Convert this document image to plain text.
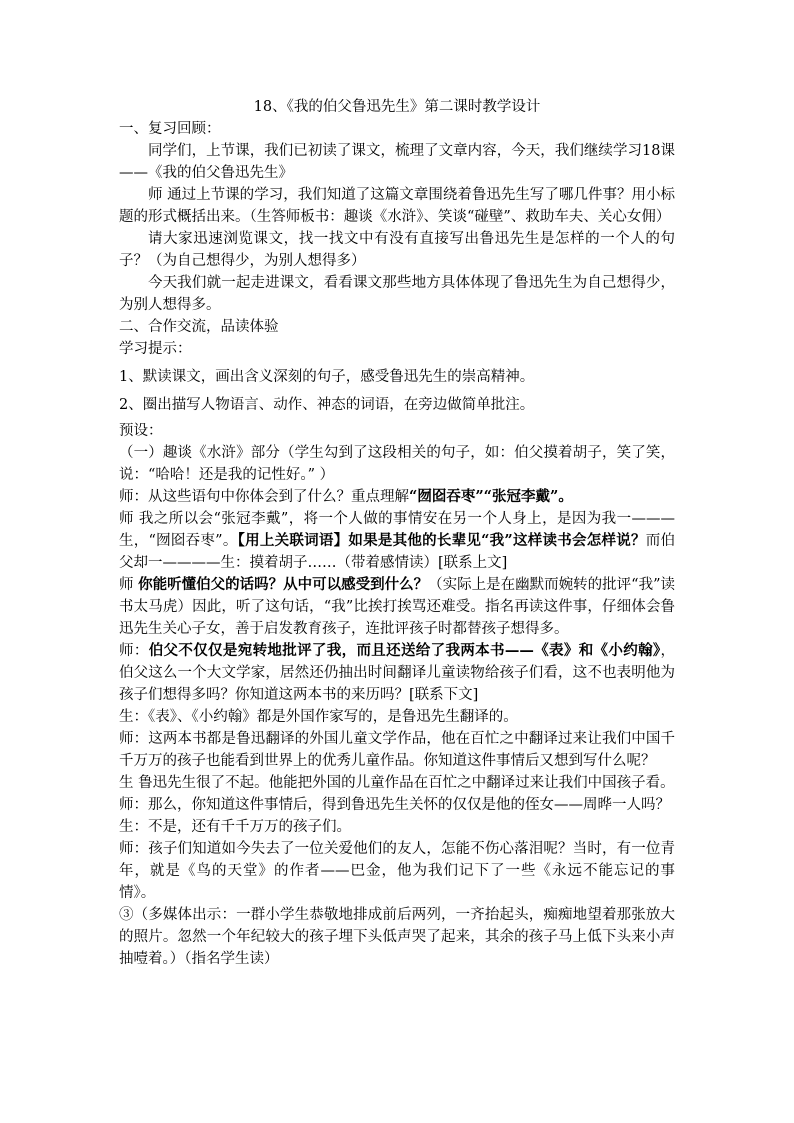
18、《我的伯父鲁迅先生》第二课时教学设计

一、复习回顾：

同学们，上节课，我们已初读了课文，梳理了文章内容，今天，我们继续学习18课——《我的伯父鲁迅先生》

师 通过上节课的学习，我们知道了这篇文章围绕着鲁迅先生写了哪几件事？用小标题的形式概括出来。（生答师板书：趣谈《水浒》、笑谈“碰壁”、救助车夫、关心女佣）

请大家迅速浏览课文，找一找文中有没有直接写出鲁迅先生是怎样的一个人的句子？（为自己想得少，为别人想得多）

今天我们就一起走进课文，看看课文那些地方具体体现了鲁迅先生为自己想得少，为别人想得多。

二、合作交流，品读体验

学习提示：

1、默读课文，画出含义深刻的句子，感受鲁迅先生的崇高精神。

2、圈出描写人物语言、动作、神态的词语，在旁边做简单批注。

预设：

（一）趣谈《水浒》部分（学生勾到了这段相关的句子，如：伯父摸着胡子，笑了笑，说：“哈哈！还是我的记性好。” ）

师：从这些语句中你体会到了什么？重点理解“囫囵吞枣”“张冠李戴”。

师 我之所以会“张冠李戴”，将一个人做的事情安在另一个人身上，是因为我一———生，“囫囵吞枣”。【用上关联词语】如果是其他的长辈见“我”这样读书会怎样说？而伯父却一————生：摸着胡子……（带着感情读）[联系上文]

师 你能听懂伯父的话吗？从中可以感受到什么？（实际上是在幽默而婉转的批评“我”读书太马虎）因此，听了这句话，“我”比挨打挨骂还难受。指名再读这件事，仔细体会鲁迅先生关心子女，善于启发教育孩子，连批评孩子时都替孩子想得多。

师：伯父不仅仅是宛转地批评了我，而且还送给了我两本书——《表》和《小约翰》，伯父这么一个大文学家，居然还仍抽出时间翻译儿童读物给孩子们看，这不也表明他为孩子们想得多吗？你知道这两本书的来历吗？[联系下文]

生：《表》、《小约翰》都是外国作家写的，是鲁迅先生翻译的。

师：这两本书都是鲁迅翻译的外国儿童文学作品，他在百忙之中翻译过来让我们中国千千万万的孩子也能看到世界上的优秀儿童作品。你知道这件事情后又想到写什么呢？

生 鲁迅先生很了不起。他能把外国的儿童作品在百忙之中翻译过来让我们中国孩子看。

师：那么，你知道这件事情后，得到鲁迅先生关怀的仅仅是他的侄女——周晔一人吗？

生：不是，还有千千万万的孩子们。

师：孩子们知道如今失去了一位关爱他们的友人，怎能不伤心落泪呢？当时，有一位青年，就是《鸟的天堂》的作者——巴金，他为我们记下了一些《永远不能忘记的事情》。

③（多媒体出示：一群小学生恭敬地排成前后两列，一齐抬起头，痴痴地望着那张放大的照片。忽然一个年纪较大的孩子埋下头低声哭了起来，其余的孩子马上低下头来小声抽噎着。）（指名学生读）
